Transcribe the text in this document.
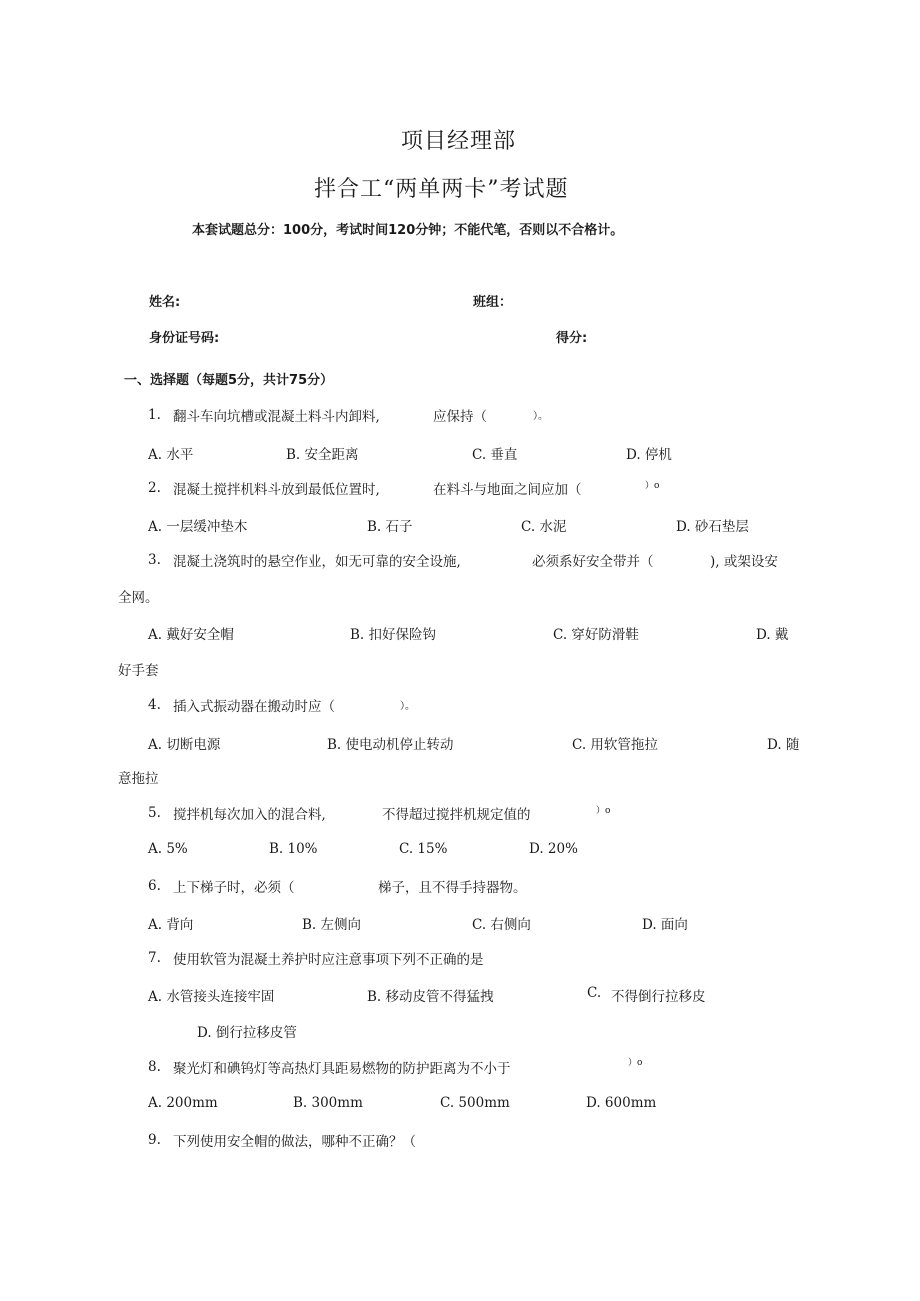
项目经理部
拌合工“两单两卡”考试题
本套试题总分：100分，考试时间120分钟；不能代笔，否则以不合格计。
姓名:	班组：
身份证号码:	得分:
一、选择题（每题5分，共计75分）
1. 翻斗车向坑槽或混凝土料斗内卸料,	应保持（	）。
A. 水平	B. 安全距离	C. 垂直	D. 停机
2. 混凝土搅拌机料斗放到最低位置时,	在料斗与地面之间应加（	）o
A. 一层缓冲垫木	B. 石子	C. 水泥	D. 砂石垫层
3. 混凝土浇筑时的悬空作业，如无可靠的安全设施,	必须系好安全带并（	), 或架设安
全网。
A. 戴好安全帽	B. 扣好保险钩	C. 穿好防滑鞋	D. 戴
好手套
4. 插入式振动器在搬动时应（	）。
A. 切断电源	B. 使电动机停止转动	C. 用软管拖拉	D. 随
意拖拉
5. 搅拌机每次加入的混合料,	不得超过搅拌机规定值的	）o
A. 5%	B. 10%	C. 15%	D. 20%
6. 上下梯子时，必须（	梯子，且不得手持器物。
A. 背向	B. 左侧向	C. 右侧向	D. 面向
7. 使用软管为混凝土养护时应注意事项下列不正确的是
A. 水管接头连接牢固	B. 移动皮管不得猛拽	C. 不得倒行拉移皮
D. 倒行拉移皮管
8. 聚光灯和碘钨灯等高热灯具距易燃物的防护距离为不小于	）o
A. 200mm	B. 300mm	C. 500mm	D. 600mm
9. 下列使用安全帽的做法，哪种不正确？（
